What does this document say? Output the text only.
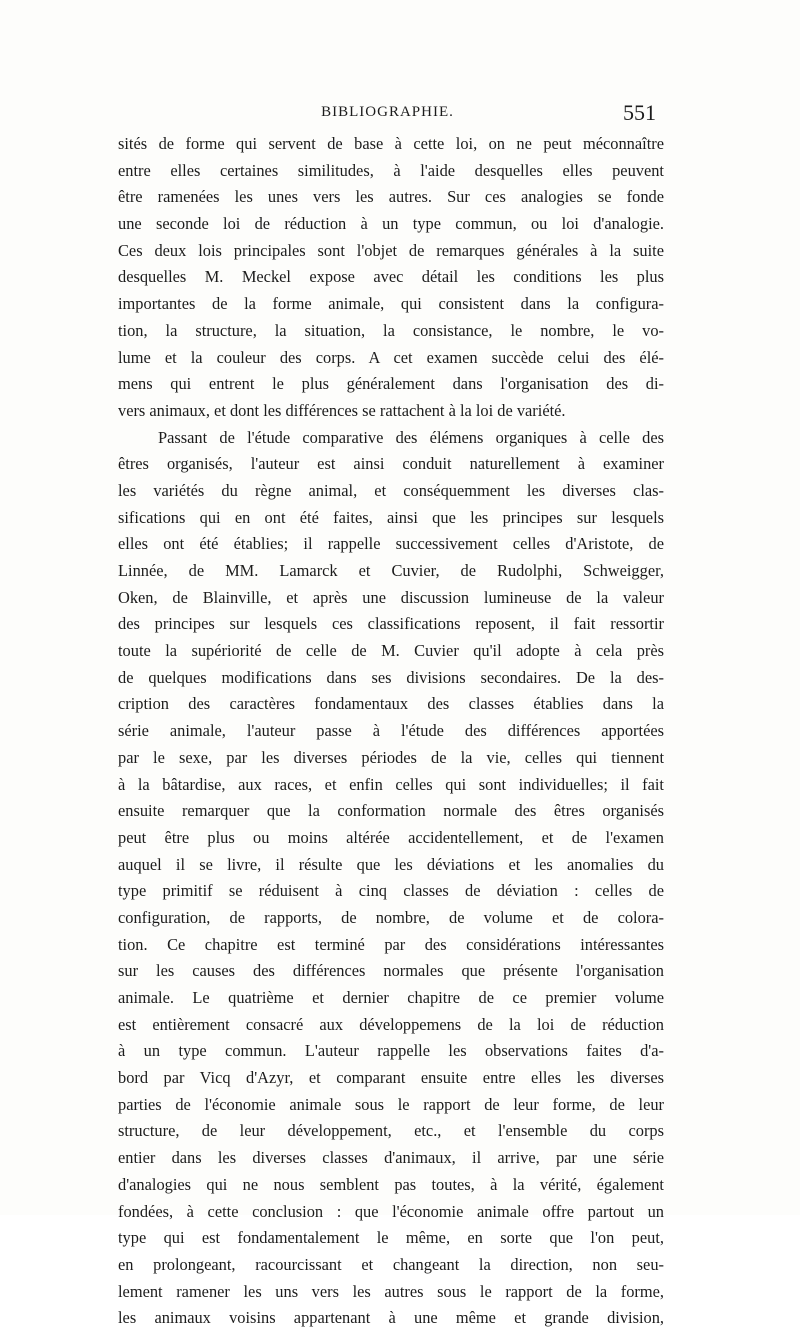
BIBLIOGRAPHIE.	551
sités de forme qui servent de base à cette loi, on ne peut méconnaître
entre elles certaines similitudes, à l'aide desquelles elles peuvent
être ramenées les unes vers les autres. Sur ces analogies se fonde
une seconde loi de réduction à un type commun, ou loi d'analogie.
Ces deux lois principales sont l'objet de remarques générales à la suite
desquelles M. Meckel expose avec détail les conditions les plus
importantes de la forme animale, qui consistent dans la configura-
tion, la structure, la situation, la consistance, le nombre, le vo-
lume et la couleur des corps. A cet examen succède celui des élé-
mens qui entrent le plus généralement dans l'organisation des di-
vers animaux, et dont les différences se rattachent à la loi de variété.
Passant de l'étude comparative des élémens organiques à celle des
êtres organisés, l'auteur est ainsi conduit naturellement à examiner
les variétés du règne animal, et conséquemment les diverses clas-
sifications qui en ont été faites, ainsi que les principes sur lesquels
elles ont été établies; il rappelle successivement celles d'Aristote, de
Linnée, de MM. Lamarck et Cuvier, de Rudolphi, Schweigger,
Oken, de Blainville, et après une discussion lumineuse de la valeur
des principes sur lesquels ces classifications reposent, il fait ressortir
toute la supériorité de celle de M. Cuvier qu'il adopte à cela près
de quelques modifications dans ses divisions secondaires. De la des-
cription des caractères fondamentaux des classes établies dans la
série animale, l'auteur passe à l'étude des différences apportées
par le sexe, par les diverses périodes de la vie, celles qui tiennent
à la bâtardise, aux races, et enfin celles qui sont individuelles; il fait
ensuite remarquer que la conformation normale des êtres organisés
peut être plus ou moins altérée accidentellement, et de l'examen
auquel il se livre, il résulte que les déviations et les anomalies du
type primitif se réduisent à cinq classes de déviation : celles de
configuration, de rapports, de nombre, de volume et de colora-
tion. Ce chapitre est terminé par des considérations intéressantes
sur les causes des différences normales que présente l'organisation
animale. Le quatrième et dernier chapitre de ce premier volume
est entièrement consacré aux développemens de la loi de réduction
à un type commun. L'auteur rappelle les observations faites d'a-
bord par Vicq d'Azyr, et comparant ensuite entre elles les diverses
parties de l'économie animale sous le rapport de leur forme, de leur
structure, de leur développement, etc., et l'ensemble du corps
entier dans les diverses classes d'animaux, il arrive, par une série
d'analogies qui ne nous semblent pas toutes, à la vérité, également
fondées, à cette conclusion : que l'économie animale offre partout un
type qui est fondamentalement le même, en sorte que l'on peut,
en prolongeant, racourcissant et changeant la direction, non seu-
lement ramener les uns vers les autres sous le rapport de la forme,
les animaux voisins appartenant à une même et grande division,
